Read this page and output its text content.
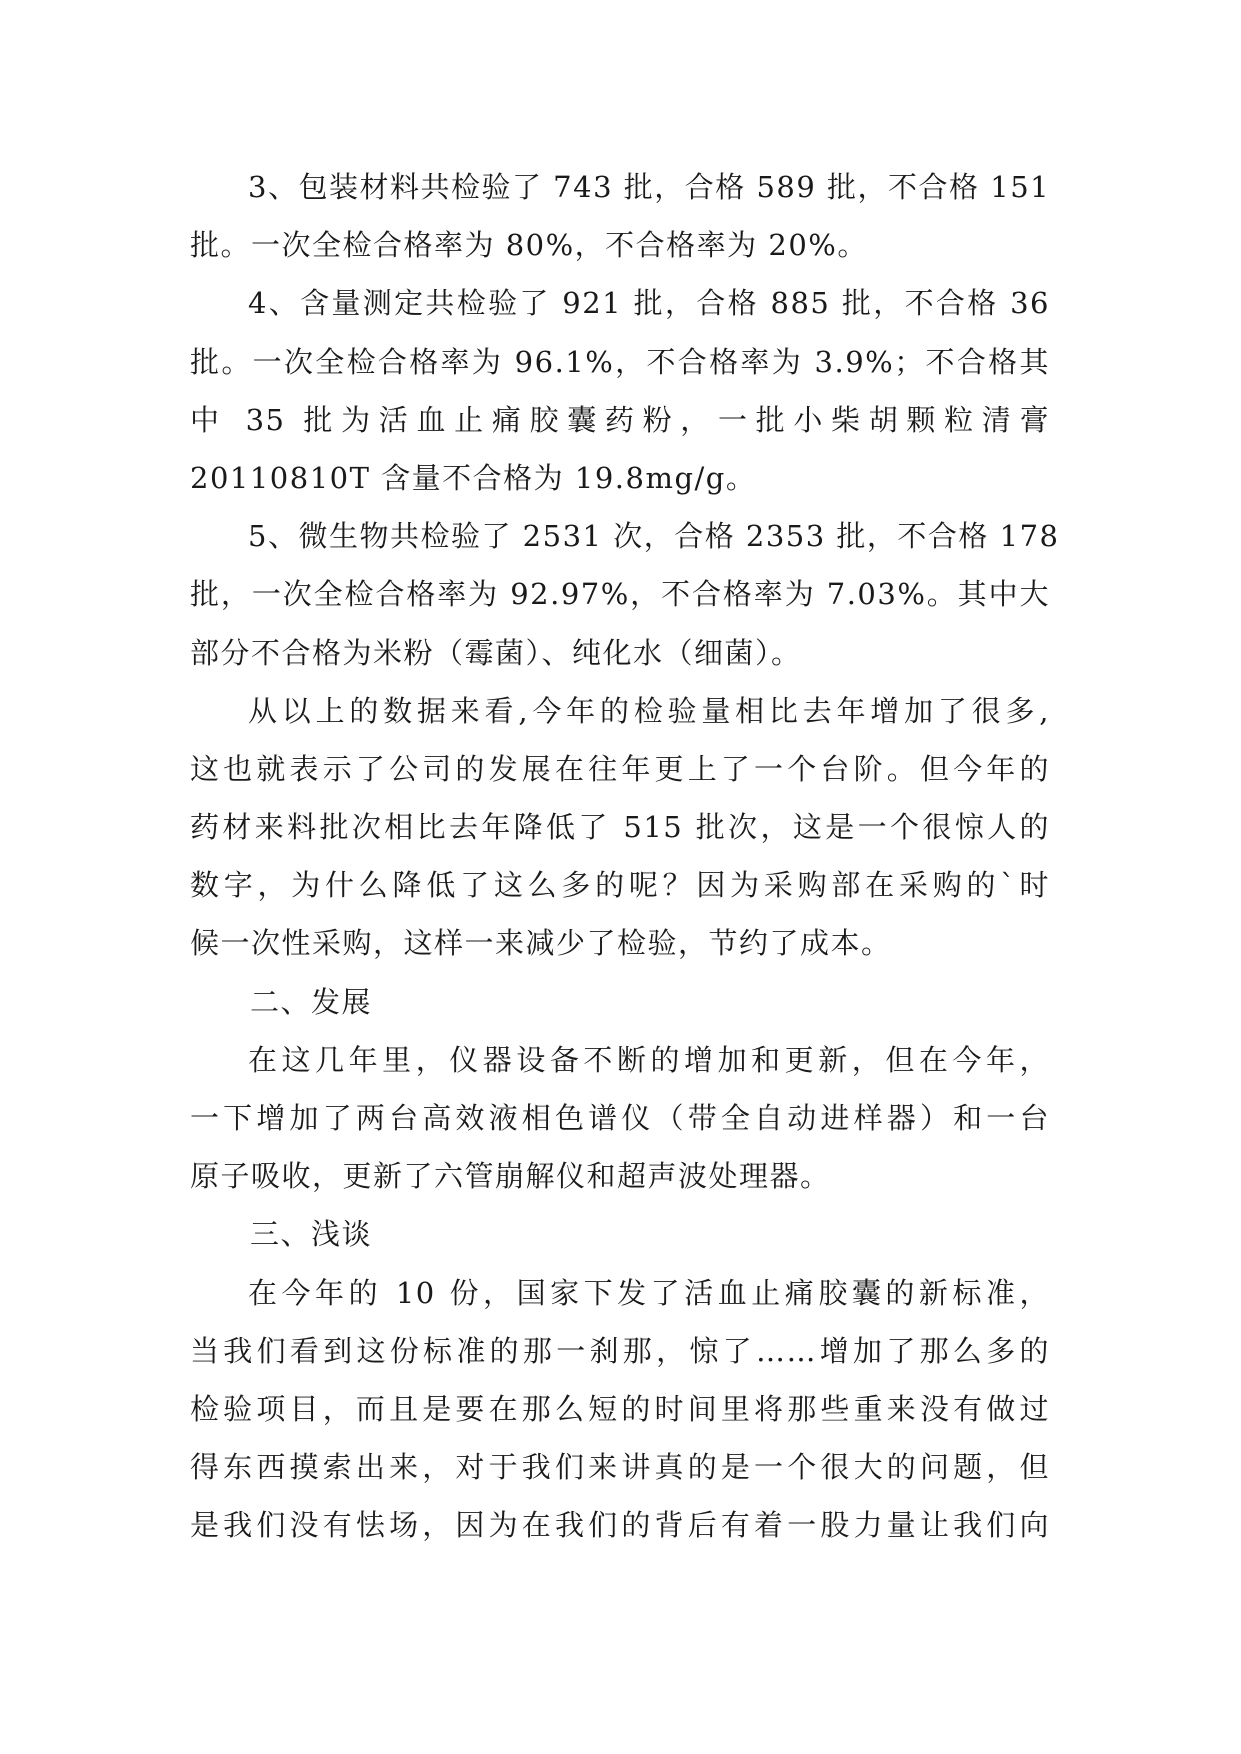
3、包装材料共检验了 743 批，合格 589 批，不合格 151
批。一次全检合格率为 80%，不合格率为 20%。
4、含量测定共检验了 921 批，合格 885 批，不合格 36
批。一次全检合格率为 96.1%，不合格率为 3.9%；不合格其
中 35 批为活血止痛胶囊药粉，一批小柴胡颗粒清膏
20110810T 含量不合格为 19.8mg/g。
5、微生物共检验了 2531 次，合格 2353 批，不合格 178
批，一次全检合格率为 92.97%，不合格率为 7.03%。其中大
部分不合格为米粉（霉菌）、纯化水（细菌）。
从以上的数据来看,今年的检验量相比去年增加了很多,
这也就表示了公司的发展在往年更上了一个台阶。但今年的
药材来料批次相比去年降低了 515 批次，这是一个很惊人的
数字，为什么降低了这么多的呢？因为采购部在采购的`时
候一次性采购，这样一来减少了检验，节约了成本。
二、发展
在这几年里，仪器设备不断的增加和更新，但在今年，
一下增加了两台高效液相色谱仪（带全自动进样器）和一台
原子吸收，更新了六管崩解仪和超声波处理器。
三、浅谈
在今年的 10 份，国家下发了活血止痛胶囊的新标准，
当我们看到这份标准的那一刹那，惊了……增加了那么多的
检验项目，而且是要在那么短的时间里将那些重来没有做过
得东西摸索出来，对于我们来讲真的是一个很大的问题，但
是我们没有怯场，因为在我们的背后有着一股力量让我们向
